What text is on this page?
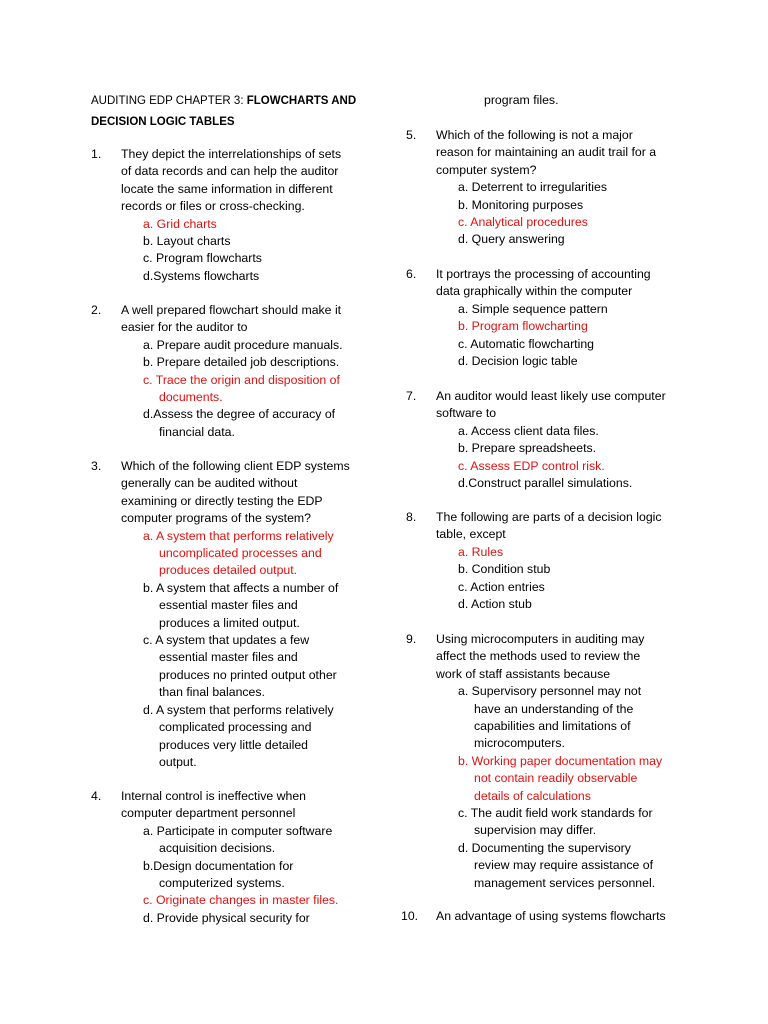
AUDITING EDP CHAPTER 3: FLOWCHARTS AND
DECISION LOGIC TABLES
1.	They depict the interrelationships of sets
of data records and can help the auditor
locate the same information in different
records or files or cross-checking.
a. Grid charts
b. Layout charts
c. Program flowcharts
d.Systems flowcharts
2.	A well prepared flowchart should make it
easier for the auditor to
a. Prepare audit procedure manuals.
b. Prepare detailed job descriptions.
c. Trace the origin and disposition of
documents.
d.Assess the degree of accuracy of
financial data.
3.	Which of the following client EDP systems
generally can be audited without
examining or directly testing the EDP
computer programs of the system?
a. A system that performs relatively
uncomplicated processes and
produces detailed output.
b. A system that affects a number of
essential master files and
produces a limited output.
c. A system that updates a few
essential master files and
produces no printed output other
than final balances.
d. A system that performs relatively
complicated processing and
produces very little detailed
output.
4.	Internal control is ineffective when
computer department personnel
a. Participate in computer software
acquisition decisions.
b.Design documentation for
computerized systems.
c. Originate changes in master files.
d. Provide physical security for
program files.
5.	Which of the following is not a major
reason for maintaining an audit trail for a
computer system?
a. Deterrent to irregularities
b. Monitoring purposes
c. Analytical procedures
d. Query answering
6.	It portrays the processing of accounting
data graphically within the computer
a. Simple sequence pattern
b. Program flowcharting
c. Automatic flowcharting
d. Decision logic table
7.	An auditor would least likely use computer
software to
a. Access client data files.
b. Prepare spreadsheets.
c. Assess EDP control risk.
d.Construct parallel simulations.
8.	The following are parts of a decision logic
table, except
a. Rules
b. Condition stub
c. Action entries
d. Action stub
9.	Using microcomputers in auditing may
affect the methods used to review the
work of staff assistants because
a. Supervisory personnel may not
have an understanding of the
capabilities and limitations of
microcomputers.
b. Working paper documentation may
not contain readily observable
details of calculations
c. The audit field work standards for
supervision may differ.
d. Documenting the supervisory
review may require assistance of
management services personnel.
10.	An advantage of using systems flowcharts
